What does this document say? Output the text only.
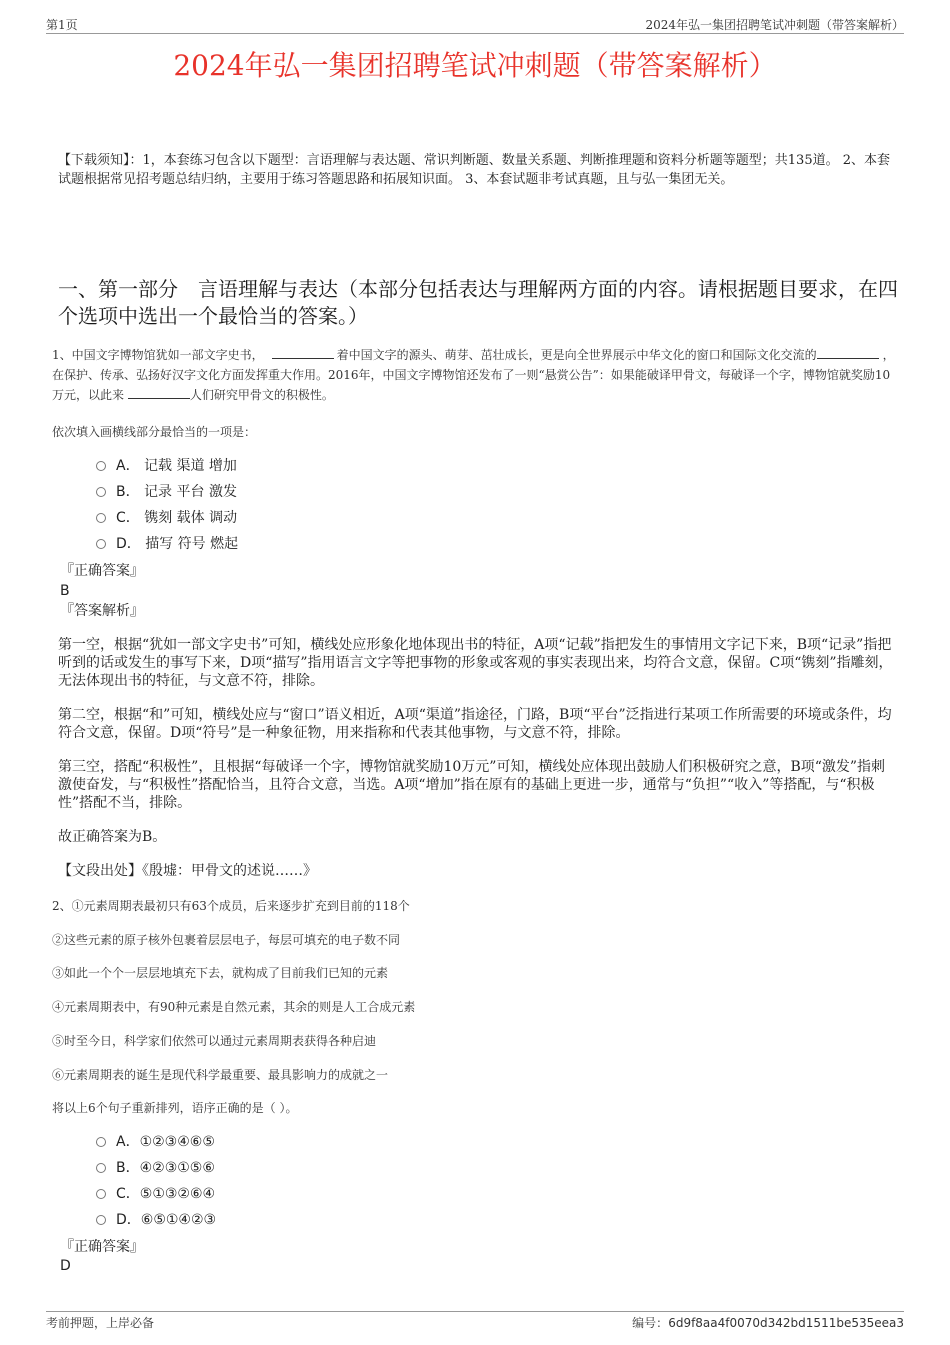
第1页	2024年弘一集团招聘笔试冲刺题（带答案解析）
2024年弘一集团招聘笔试冲刺题（带答案解析）
【下载须知】：1，本套练习包含以下题型：言语理解与表达题、常识判断题、数量关系题、判断推理题和资料分析题等题型；共135道。 2、本套试题根据常见招考题总结归纳，主要用于练习答题思路和拓展知识面。 3、本套试题非考试真题，且与弘一集团无关。
一、第一部分　言语理解与表达（本部分包括表达与理解两方面的内容。请根据题目要求，在四个选项中选出一个最恰当的答案。）
1、中国文字博物馆犹如一部文字史书，	着中国文字的源头、萌芽、茁壮成长，更是向全世界展示中华文化的窗口和国际文化交流的	，在保护、传承、弘扬好汉字文化方面发挥重大作用。2016年，中国文字博物馆还发布了一则“悬赏公告”：如果能破译甲骨文，每破译一个字，博物馆就奖励10万元，以此来	人们研究甲骨文的积极性。
依次填入画横线部分最恰当的一项是：
A． 记载 渠道 增加
B． 记录 平台 激发
C． 镌刻 载体 调动
D． 描写 符号 燃起
『正确答案』
B
『答案解析』
第一空，根据“犹如一部文字史书”可知，横线处应形象化地体现出书的特征，A项“记载”指把发生的事情用文字记下来，B项“记录”指把听到的话或发生的事写下来，D项“描写”指用语言文字等把事物的形象或客观的事实表现出来，均符合文意，保留。C项“镌刻”指雕刻，无法体现出书的特征，与文意不符，排除。
第二空，根据“和”可知，横线处应与“窗口”语义相近，A项“渠道”指途径，门路，B项“平台”泛指进行某项工作所需要的环境或条件，均符合文意，保留。D项“符号”是一种象征物，用来指称和代表其他事物，与文意不符，排除。
第三空，搭配“积极性”，且根据“每破译一个字，博物馆就奖励10万元”可知，横线处应体现出鼓励人们积极研究之意，B项“激发”指刺激使奋发，与“积极性”搭配恰当，且符合文意，当选。A项“增加”指在原有的基础上更进一步，通常与“负担”“收入”等搭配，与“积极性”搭配不当，排除。
故正确答案为B。
【文段出处】《殷墟：甲骨文的述说……》
2、①元素周期表最初只有63个成员，后来逐步扩充到目前的118个
②这些元素的原子核外包裹着层层电子，每层可填充的电子数不同
③如此一个个一层层地填充下去，就构成了目前我们已知的元素
④元素周期表中，有90种元素是自然元素，其余的则是人工合成元素
⑤时至今日，科学家们依然可以通过元素周期表获得各种启迪
⑥元素周期表的诞生是现代科学最重要、最具影响力的成就之一
将以上6个句子重新排列，语序正确的是（ ）。
A．①②③④⑥⑤
B．④②③①⑤⑥
C．⑤①③②⑥④
D．⑥⑤①④②③
『正确答案』
D
考前押题，上岸必备	编号：6d9f8aa4f0070d342bd1511be535eea3
